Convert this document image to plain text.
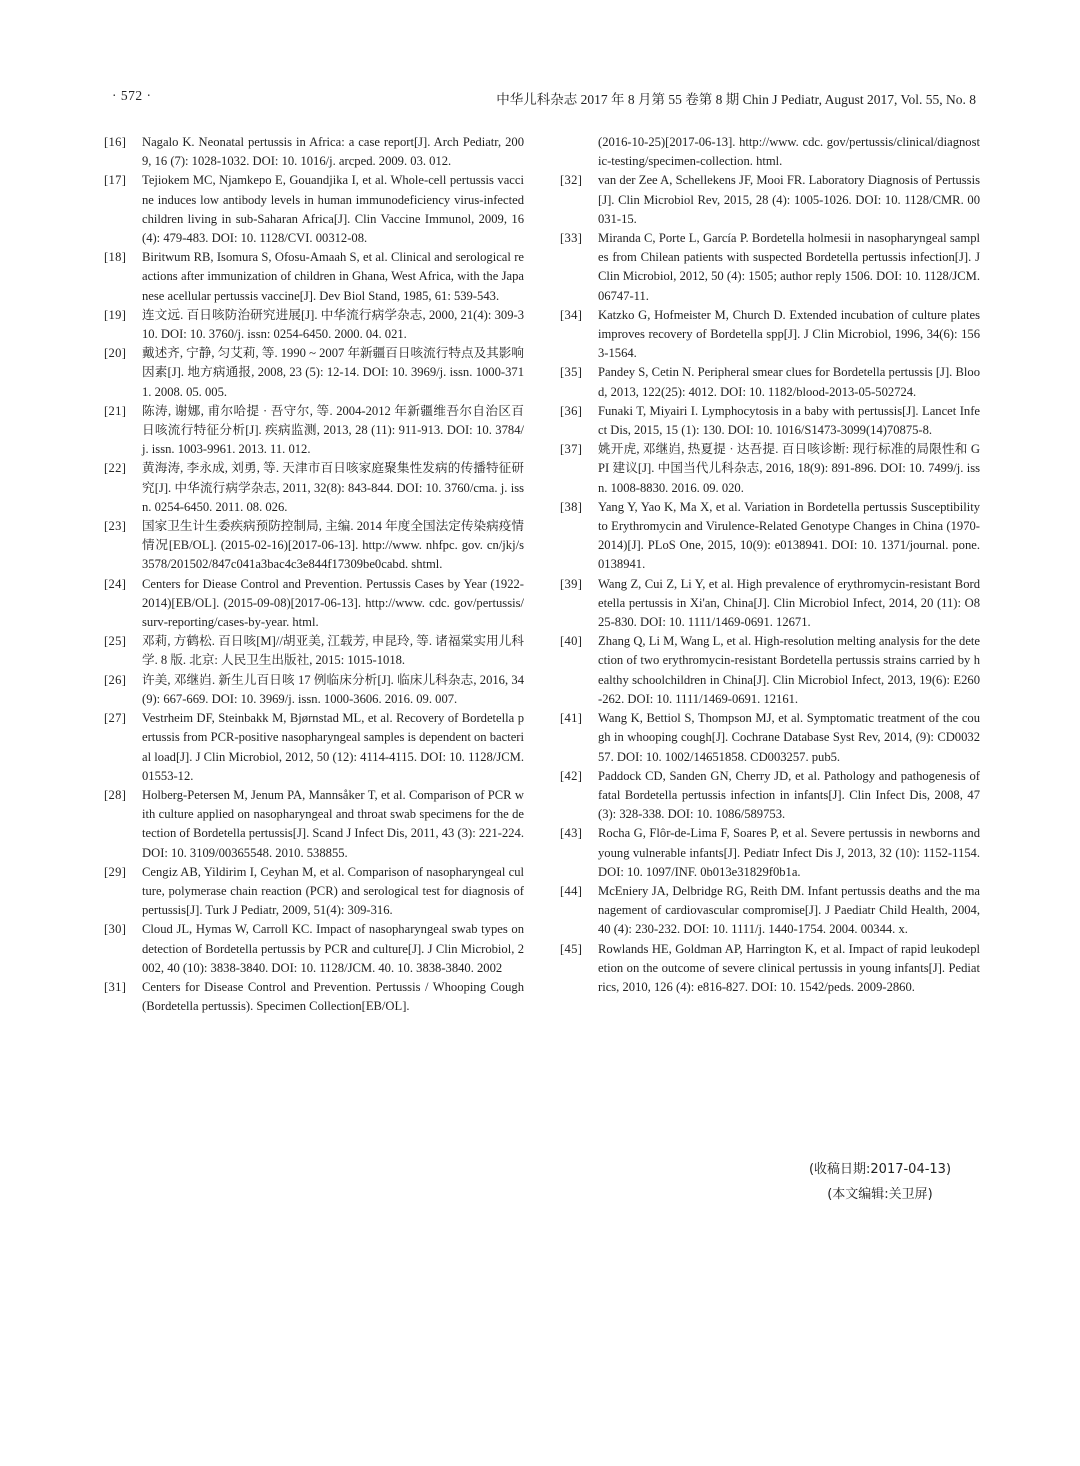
· 572 ·	中华儿科杂志 2017 年 8 月第 55 卷第 8 期 Chin J Pediatr, August 2017, Vol. 55, No. 8
[16]	Nagalo K. Neonatal pertussis in Africa: a case report[J]. Arch Pediatr, 2009, 16 (7): 1028-1032. DOI: 10. 1016/j. arcped. 2009. 03. 012.
[17]	Tejiokem MC, Njamkepo E, Gouandjika I, et al. Whole-cell pertussis vaccine induces low antibody levels in human immunodeficiency virus-infected children living in sub-Saharan Africa[J]. Clin Vaccine Immunol, 2009, 16(4): 479-483. DOI: 10. 1128/CVI. 00312-08.
[18]	Biritwum RB, Isomura S, Ofosu-Amaah S, et al. Clinical and serological reactions after immunization of children in Ghana, West Africa, with the Japanese acellular pertussis vaccine[J]. Dev Biol Stand, 1985, 61: 539-543.
[19]	连文远. 百日咳防治研究进展[J]. 中华流行病学杂志, 2000, 21(4): 309-310. DOI: 10. 3760/j. issn: 0254-6450. 2000. 04. 021.
[20]	戴述齐, 宁静, 匀艾莉, 等. 1990 ~ 2007 年新疆百日咳流行特点及其影响因素[J]. 地方病通报, 2008, 23 (5): 12-14. DOI: 10. 3969/j. issn. 1000-3711. 2008. 05. 005.
[21]	陈涛, 谢娜, 甫尔哈提 · 吾守尔, 等. 2004-2012 年新疆维吾尔自治区百日咳流行特征分析[J]. 疾病监测, 2013, 28 (11): 911-913. DOI: 10. 3784/j. issn. 1003-9961. 2013. 11. 012.
[22]	黄海涛, 李永成, 刘勇, 等. 天津市百日咳家庭聚集性发病的传播特征研究[J]. 中华流行病学杂志, 2011, 32(8): 843-844. DOI: 10. 3760/cma. j. issn. 0254-6450. 2011. 08. 026.
[23]	国家卫生计生委疾病预防控制局, 主编. 2014 年度全国法定传染病疫情情况[EB/OL]. (2015-02-16)[2017-06-13]. http://www. nhfpc. gov. cn/jkj/s3578/201502/847c041a3bac4c3e844f17309be0cabd. shtml.
[24]	Centers for Diease Control and Prevention. Pertussis Cases by Year (1922-2014)[EB/OL]. (2015-09-08)[2017-06-13]. http://www. cdc. gov/pertussis/surv-reporting/cases-by-year. html.
[25]	邓莉, 方鹤松. 百日咳[M]//胡亚美, 江载芳, 申昆玲, 等. 诸福棠实用儿科学. 8 版. 北京: 人民卫生出版社, 2015: 1015-1018.
[26]	许美, 邓继岿. 新生儿百日咳 17 例临床分析[J]. 临床儿科杂志, 2016, 34(9): 667-669. DOI: 10. 3969/j. issn. 1000-3606. 2016. 09. 007.
[27]	Vestrheim DF, Steinbakk M, Bjørnstad ML, et al. Recovery of Bordetella pertussis from PCR-positive nasopharyngeal samples is dependent on bacterial load[J]. J Clin Microbiol, 2012, 50 (12): 4114-4115. DOI: 10. 1128/JCM. 01553-12.
[28]	Holberg-Petersen M, Jenum PA, Mannsåker T, et al. Comparison of PCR with culture applied on nasopharyngeal and throat swab specimens for the detection of Bordetella pertussis[J]. Scand J Infect Dis, 2011, 43 (3): 221-224. DOI: 10. 3109/00365548. 2010. 538855.
[29]	Cengiz AB, Yildirim I, Ceyhan M, et al. Comparison of nasopharyngeal culture, polymerase chain reaction (PCR) and serological test for diagnosis of pertussis[J]. Turk J Pediatr, 2009, 51(4): 309-316.
[30]	Cloud JL, Hymas W, Carroll KC. Impact of nasopharyngeal swab types on detection of Bordetella pertussis by PCR and culture[J]. J Clin Microbiol, 2002, 40 (10): 3838-3840. DOI: 10. 1128/JCM. 40. 10. 3838-3840. 2002
[31]	Centers for Disease Control and Prevention. Pertussis / Whooping Cough (Bordetella pertussis). Specimen Collection[EB/OL].
(2016-10-25)[2017-06-13]. http://www. cdc. gov/pertussis/clinical/diagnostic-testing/specimen-collection. html.
[32]	van der Zee A, Schellekens JF, Mooi FR. Laboratory Diagnosis of Pertussis[J]. Clin Microbiol Rev, 2015, 28 (4): 1005-1026. DOI: 10. 1128/CMR. 00031-15.
[33]	Miranda C, Porte L, García P. Bordetella holmesii in nasopharyngeal samples from Chilean patients with suspected Bordetella pertussis infection[J]. J Clin Microbiol, 2012, 50 (4): 1505; author reply 1506. DOI: 10. 1128/JCM. 06747-11.
[34]	Katzko G, Hofmeister M, Church D. Extended incubation of culture plates improves recovery of Bordetella spp[J]. J Clin Microbiol, 1996, 34(6): 1563-1564.
[35]	Pandey S, Cetin N. Peripheral smear clues for Bordetella pertussis [J]. Blood, 2013, 122(25): 4012. DOI: 10. 1182/blood-2013-05-502724.
[36]	Funaki T, Miyairi I. Lymphocytosis in a baby with pertussis[J]. Lancet Infect Dis, 2015, 15 (1): 130. DOI: 10. 1016/S1473-3099(14)70875-8.
[37]	姚开虎, 邓继岿, 热夏提 · 达吾提. 百日咳诊断: 现行标准的局限性和 GPI 建议[J]. 中国当代儿科杂志, 2016, 18(9): 891-896. DOI: 10. 7499/j. issn. 1008-8830. 2016. 09. 020.
[38]	Yang Y, Yao K, Ma X, et al. Variation in Bordetella pertussis Susceptibility to Erythromycin and Virulence-Related Genotype Changes in China (1970-2014)[J]. PLoS One, 2015, 10(9): e0138941. DOI: 10. 1371/journal. pone. 0138941.
[39]	Wang Z, Cui Z, Li Y, et al. High prevalence of erythromycin-resistant Bordetella pertussis in Xi'an, China[J]. Clin Microbiol Infect, 2014, 20 (11): O825-830. DOI: 10. 1111/1469-0691. 12671.
[40]	Zhang Q, Li M, Wang L, et al. High-resolution melting analysis for the detection of two erythromycin-resistant Bordetella pertussis strains carried by healthy schoolchildren in China[J]. Clin Microbiol Infect, 2013, 19(6): E260-262. DOI: 10. 1111/1469-0691. 12161.
[41]	Wang K, Bettiol S, Thompson MJ, et al. Symptomatic treatment of the cough in whooping cough[J]. Cochrane Database Syst Rev, 2014, (9): CD003257. DOI: 10. 1002/14651858. CD003257. pub5.
[42]	Paddock CD, Sanden GN, Cherry JD, et al. Pathology and pathogenesis of fatal Bordetella pertussis infection in infants[J]. Clin Infect Dis, 2008, 47(3): 328-338. DOI: 10. 1086/589753.
[43]	Rocha G, Flôr-de-Lima F, Soares P, et al. Severe pertussis in newborns and young vulnerable infants[J]. Pediatr Infect Dis J, 2013, 32 (10): 1152-1154. DOI: 10. 1097/INF. 0b013e31829f0b1a.
[44]	McEniery JA, Delbridge RG, Reith DM. Infant pertussis deaths and the management of cardiovascular compromise[J]. J Paediatr Child Health, 2004, 40 (4): 230-232. DOI: 10. 1111/j. 1440-1754. 2004. 00344. x.
[45]	Rowlands HE, Goldman AP, Harrington K, et al. Impact of rapid leukodepletion on the outcome of severe clinical pertussis in young infants[J]. Pediatrics, 2010, 126 (4): e816-827. DOI: 10. 1542/peds. 2009-2860.
(收稿日期:2017-04-13)
(本文编辑:关卫屏)
